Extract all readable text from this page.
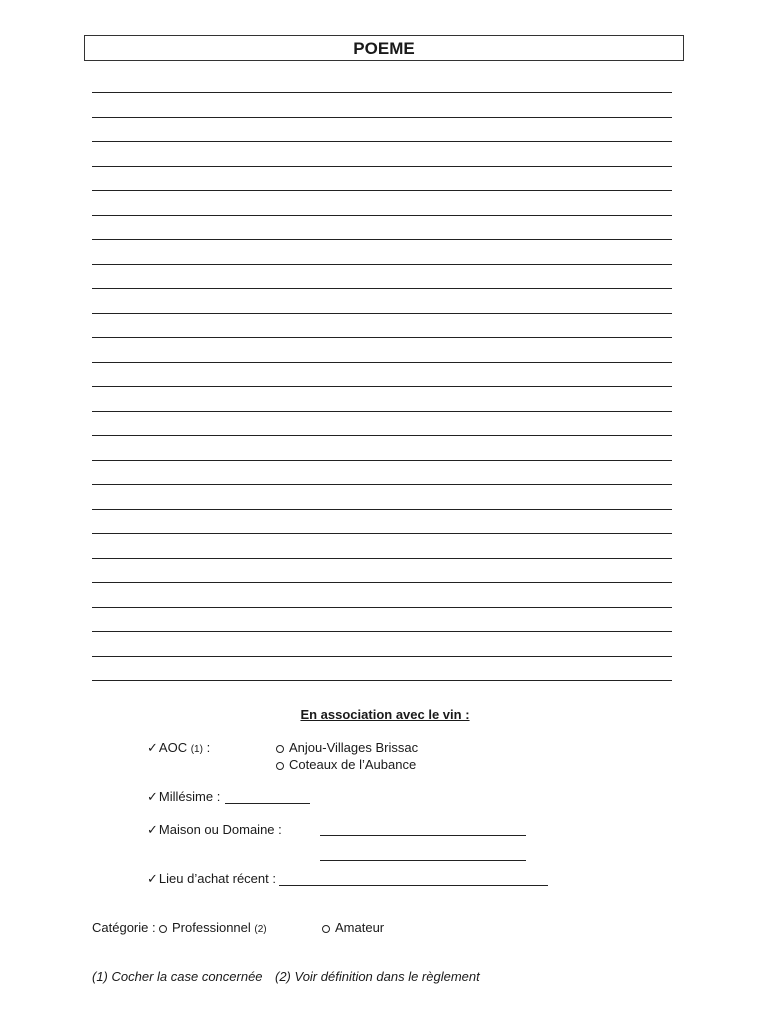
POEME
En association avec le vin :
✓AOC (1) :	Anjou-Villages Brissac
Coteaux de l’Aubance
✓Millésime :
✓Maison ou Domaine :
✓Lieu d’achat récent :
Catégorie :	Professionnel (2)	Amateur
(1) Cocher la case concernée (2) Voir définition dans le règlement
